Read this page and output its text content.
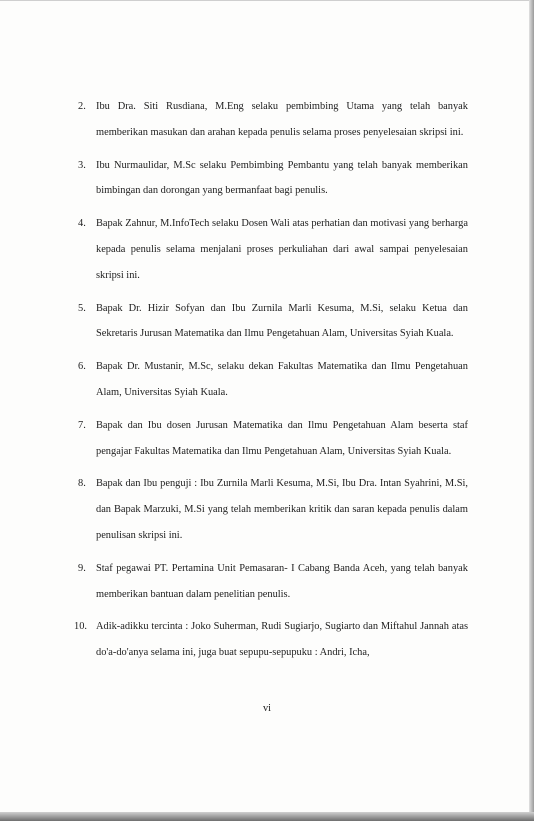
2. Ibu Dra. Siti Rusdiana, M.Eng selaku pembimbing Utama yang telah banyak memberikan masukan dan arahan kepada penulis selama proses penyelesaian skripsi ini.
3. Ibu Nurmaulidar, M.Sc selaku Pembimbing Pembantu yang telah banyak memberikan bimbingan dan dorongan yang bermanfaat bagi penulis.
4. Bapak Zahnur, M.InfoTech selaku Dosen Wali atas perhatian dan motivasi yang berharga kepada penulis selama menjalani proses perkuliahan dari awal sampai penyelesaian skripsi ini.
5. Bapak Dr. Hizir Sofyan dan Ibu Zurnila Marli Kesuma, M.Si, selaku Ketua dan Sekretaris Jurusan Matematika dan Ilmu Pengetahuan Alam, Universitas Syiah Kuala.
6. Bapak Dr. Mustanir, M.Sc, selaku dekan Fakultas Matematika dan Ilmu Pengetahuan Alam, Universitas Syiah Kuala.
7. Bapak dan Ibu dosen Jurusan Matematika dan Ilmu Pengetahuan Alam beserta staf pengajar Fakultas Matematika dan Ilmu Pengetahuan Alam, Universitas Syiah Kuala.
8. Bapak dan Ibu penguji : Ibu Zurnila Marli Kesuma, M.Si, Ibu Dra. Intan Syahrini, M.Si, dan Bapak Marzuki, M.Si yang telah memberikan kritik dan saran kepada penulis dalam penulisan skripsi ini.
9. Staf pegawai PT. Pertamina Unit Pemasaran- I Cabang Banda Aceh, yang telah banyak memberikan bantuan dalam penelitian penulis.
10. Adik-adikku tercinta : Joko Suherman, Rudi Sugiarjo, Sugiarto dan Miftahul Jannah atas do'a-do'anya selama ini, juga buat sepupu-sepupuku : Andri, Icha,
vi
